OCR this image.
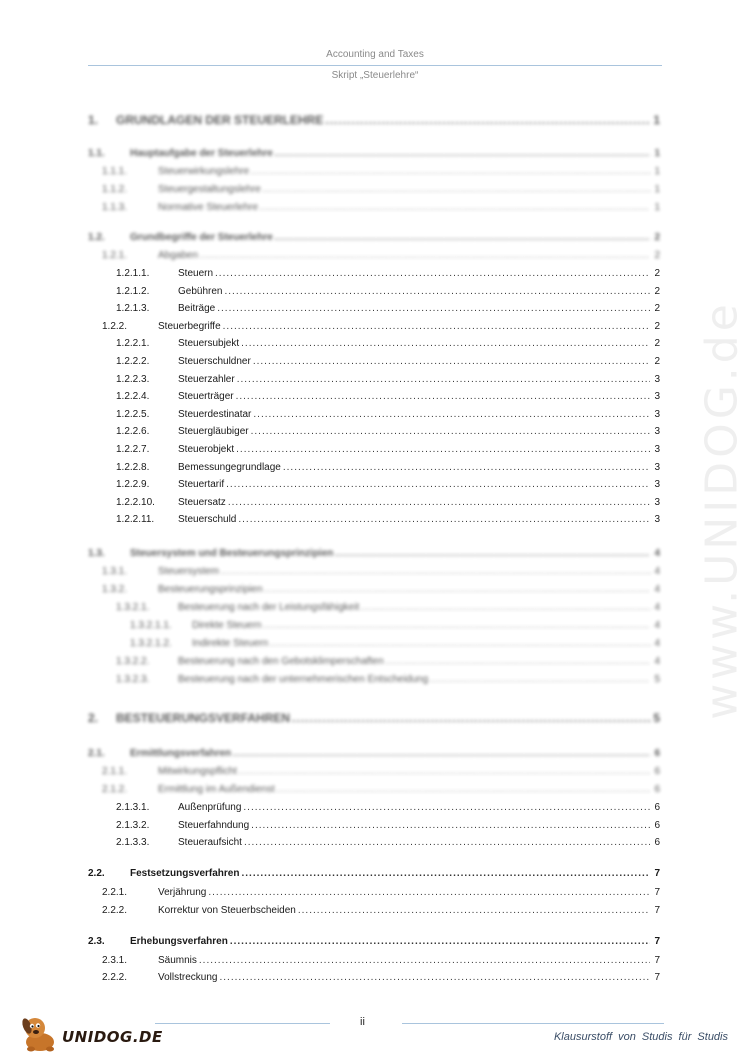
Accounting and Taxes
Skript „Steuerlehre“
www.UNIDOG.de
1.	GRUNDLAGEN DER STEUERLEHRE .....	1
1.1.	Hauptaufgabe der Steuerlehre .....	1
1.1.1.	Steuerwirkungslehre .....	1
1.1.2.	Steuergestaltungslehre .....	1
1.1.3.	Normative Steuerlehre .....	1
1.2.	Grundbegriffe der Steuerlehre .....	2
1.2.1.	Abgaben .....	2
1.2.1.1.	Steuern .....	2
1.2.1.2.	Gebühren .....	2
1.2.1.3.	Beiträge .....	2
1.2.2.	Steuerbegriffe .....	2
1.2.2.1.	Steuersubjekt .....	2
1.2.2.2.	Steuerschuldner .....	2
1.2.2.3.	Steuerzahler .....	3
1.2.2.4.	Steuerträger .....	3
1.2.2.5.	Steuerdestinatar .....	3
1.2.2.6.	Steuergläubiger .....	3
1.2.2.7.	Steuerobjekt .....	3
1.2.2.8.	Bemessungegrundlage .....	3
1.2.2.9.	Steuertarif .....	3
1.2.2.10.	Steuersatz .....	3
1.2.2.11.	Steuerschuld .....	3
1.3.	Steuersystem und Besteuerungsprinzipien .....	4
1.3.1.	Steuersystem .....	4
1.3.2.	Besteuerungsprinzipien .....	4
1.3.2.1.	Besteuerung nach der Leistungsfähigkeit .....	4
1.3.2.1.1.	Direkte Steuern .....	4
1.3.2.1.2.	Indirekte Steuern .....	4
1.3.2.2.	Besteuerung nach den Gebotsklimperschaften .....	4
1.3.2.3.	Besteuerung nach der unternehmerischen Entscheidung .....	5
2.	BESTEUERUNGSVERFAHREN .....	5
2.1.	Ermittlungsverfahren .....	6
2.1.1.	Mitwirkungspflicht .....	6
2.1.2.	Ermittlung im Außendienst .....	6
2.1.3.1.	Außenprüfung .....	6
2.1.3.2.	Steuerfahndung .....	6
2.1.3.3.	Steueraufsicht .....	6
2.2.	Festsetzungsverfahren .....	7
2.2.1.	Verjährung .....	7
2.2.2.	Korrektur von Steuerbscheiden .....	7
2.3.	Erhebungsverfahren .....	7
2.3.1.	Säumnis .....	7
2.2.2.	Vollstreckung .....	7
UNIDOG.DE
ii
Klausurstoff von Studis für Studis
